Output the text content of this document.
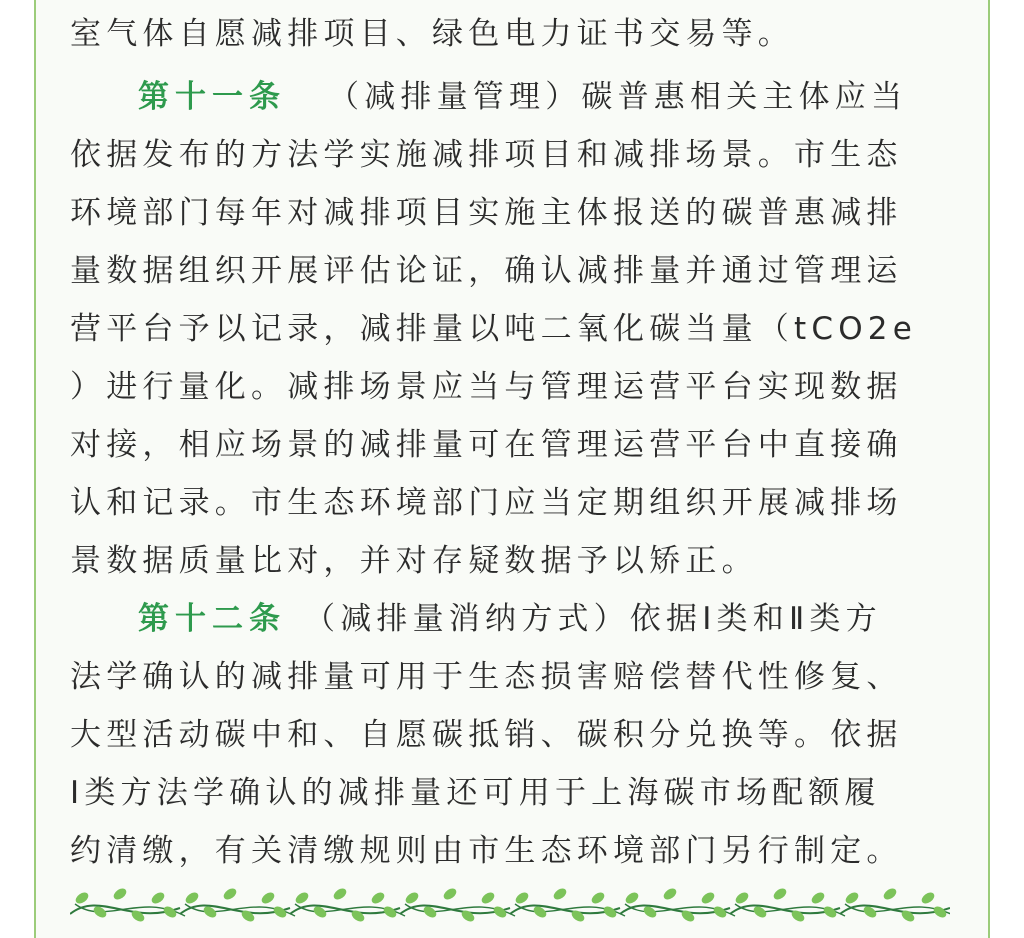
室气体自愿减排项目、绿色电力证书交易等。
第十一条 （减排量管理）碳普惠相关主体应当
依据发布的方法学实施减排项目和减排场景。市生态
环境部门每年对减排项目实施主体报送的碳普惠减排
量数据组织开展评估论证，确认减排量并通过管理运
营平台予以记录，减排量以吨二氧化碳当量（tCO2e
）进行量化。减排场景应当与管理运营平台实现数据
对接，相应场景的减排量可在管理运营平台中直接确
认和记录。市生态环境部门应当定期组织开展减排场
景数据质量比对，并对存疑数据予以矫正。
第十二条 （减排量消纳方式）依据Ⅰ类和Ⅱ类方
法学确认的减排量可用于生态损害赔偿替代性修复、
大型活动碳中和、自愿碳抵销、碳积分兑换等。依据
Ⅰ类方法学确认的减排量还可用于上海碳市场配额履
约清缴，有关清缴规则由市生态环境部门另行制定。
